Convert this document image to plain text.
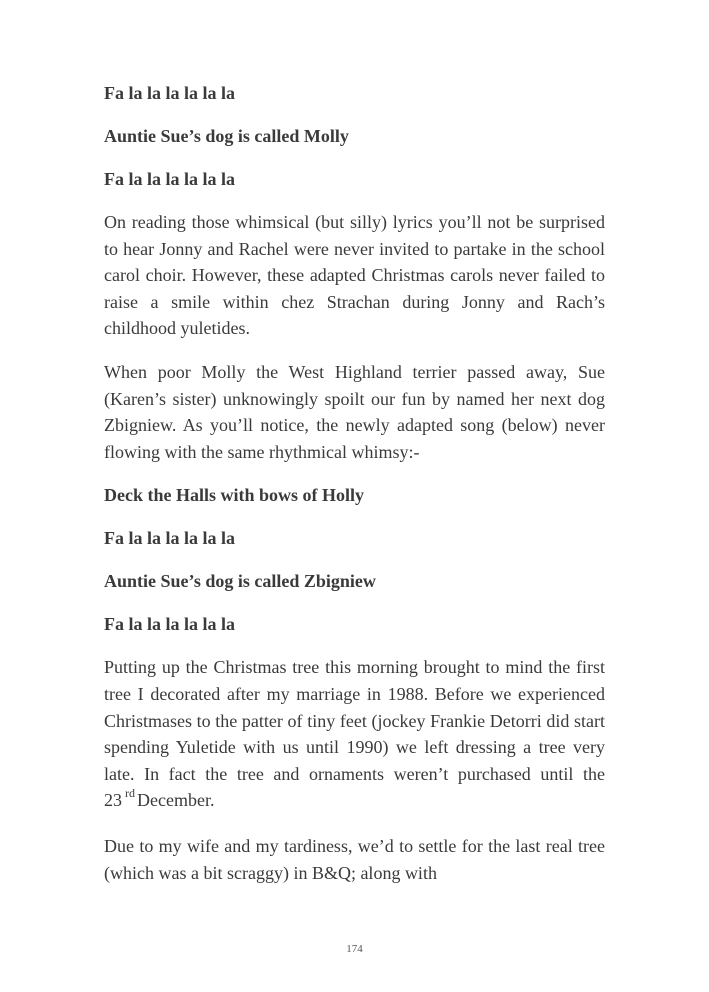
Fa la la la la la la

Auntie Sue’s dog is called Molly

Fa la la la la la la

On reading those whimsical (but silly) lyrics you’ll not be surprised to hear Jonny and Rachel were never invited to partake in the school carol choir. However, these adapted Christmas carols never failed to raise a smile within chez Strachan during Jonny and Rach’s childhood yuletides.

When poor Molly the West Highland terrier passed away, Sue (Karen’s sister) unknowingly spoilt our fun by named her next dog Zbigniew. As you’ll notice, the newly adapted song (below) never flowing with the same rhythmical whimsy:-

Deck the Halls with bows of Holly

Fa la la la la la la

Auntie Sue’s dog is called Zbigniew

Fa la la la la la la

Putting up the Christmas tree this morning brought to mind the first tree I decorated after my marriage in 1988. Before we experienced Christmases to the patter of tiny feet (jockey Frankie Detorri did start spending Yuletide with us until 1990) we left dressing a tree very late. In fact the tree and ornaments weren’t purchased until the 23 $^{rd}$ December.

Due to my wife and my tardiness, we’d to settle for the last real tree (which was a bit scraggy) in B&Q; along with

174
